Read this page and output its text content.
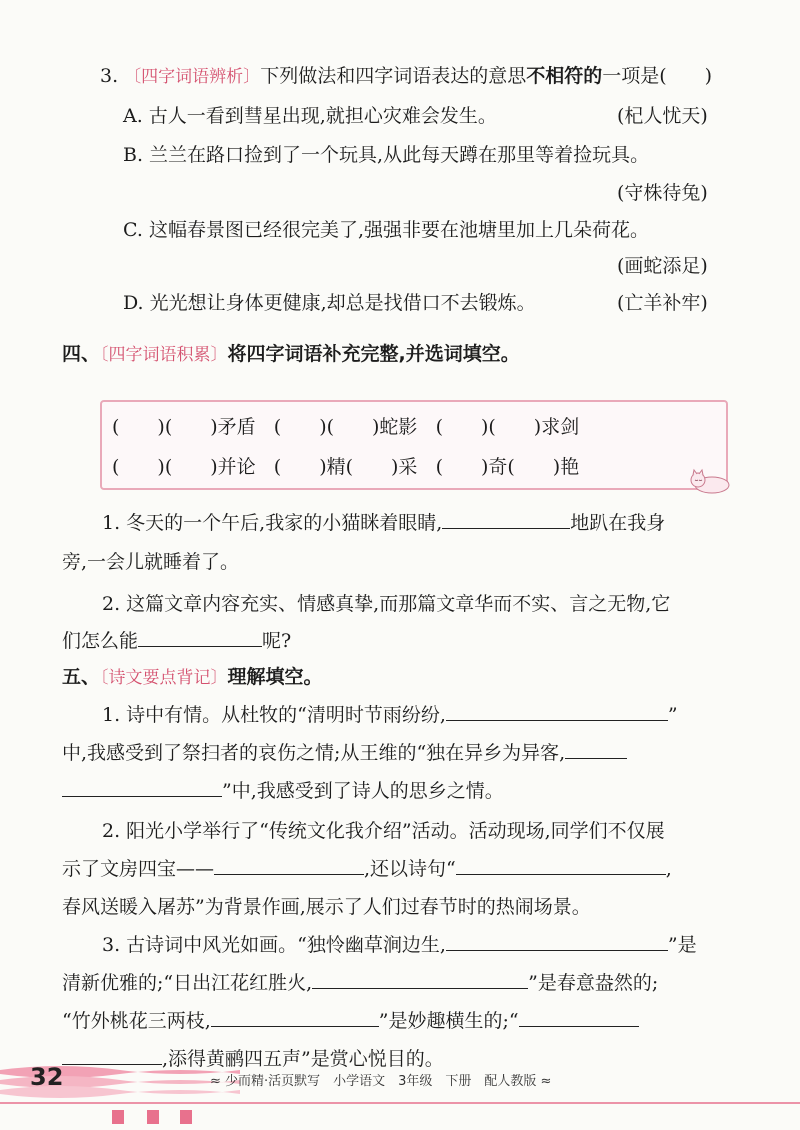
3. 〔四字词语辨析〕下列做法和四字词语表达的意思不相符的一项是(　　)
A. 古人一看到彗星出现,就担心灾难会发生。	(杞人忧天)
B. 兰兰在路口捡到了一个玩具,从此每天蹲在那里等着捡玩具。
(守株待兔)
C. 这幅春景图已经很完美了,强强非要在池塘里加上几朵荷花。
(画蛇添足)
D. 光光想让身体更健康,却总是找借口不去锻炼。	(亡羊补牢)
四、〔四字词语积累〕将四字词语补充完整,并选词填空。
(　　)(　　)矛盾 (　　)(　　)蛇影 (　　)(　　)求剑
(　　)(　　)并论 (　　)精(　　)采 (　　)奇(　　)艳
1. 冬天的一个午后,我家的小猫眯着眼睛,	地趴在我身
旁,一会儿就睡着了。
2. 这篇文章内容充实、情感真挚,而那篇文章华而不实、言之无物,它
们怎么能	呢?
五、〔诗文要点背记〕理解填空。
1. 诗中有情。从杜牧的“清明时节雨纷纷,	”
中,我感受到了祭扫者的哀伤之情;从王维的“独在异乡为异客,
”中,我感受到了诗人的思乡之情。
2. 阳光小学举行了“传统文化我介绍”活动。活动现场,同学们不仅展
示了文房四宝——	,还以诗句“	,
春风送暖入屠苏”为背景作画,展示了人们过春节时的热闹场景。
3. 古诗词中风光如画。“独怜幽草涧边生,	”是
清新优雅的;“日出江花红胜火,	”是春意盎然的;
“竹外桃花三两枝,	”是妙趣横生的;“
,添得黄鹂四五声”是赏心悦目的。
32	≈ 少而精·活页默写　小学语文　3年级　下册　配人教版 ≈
